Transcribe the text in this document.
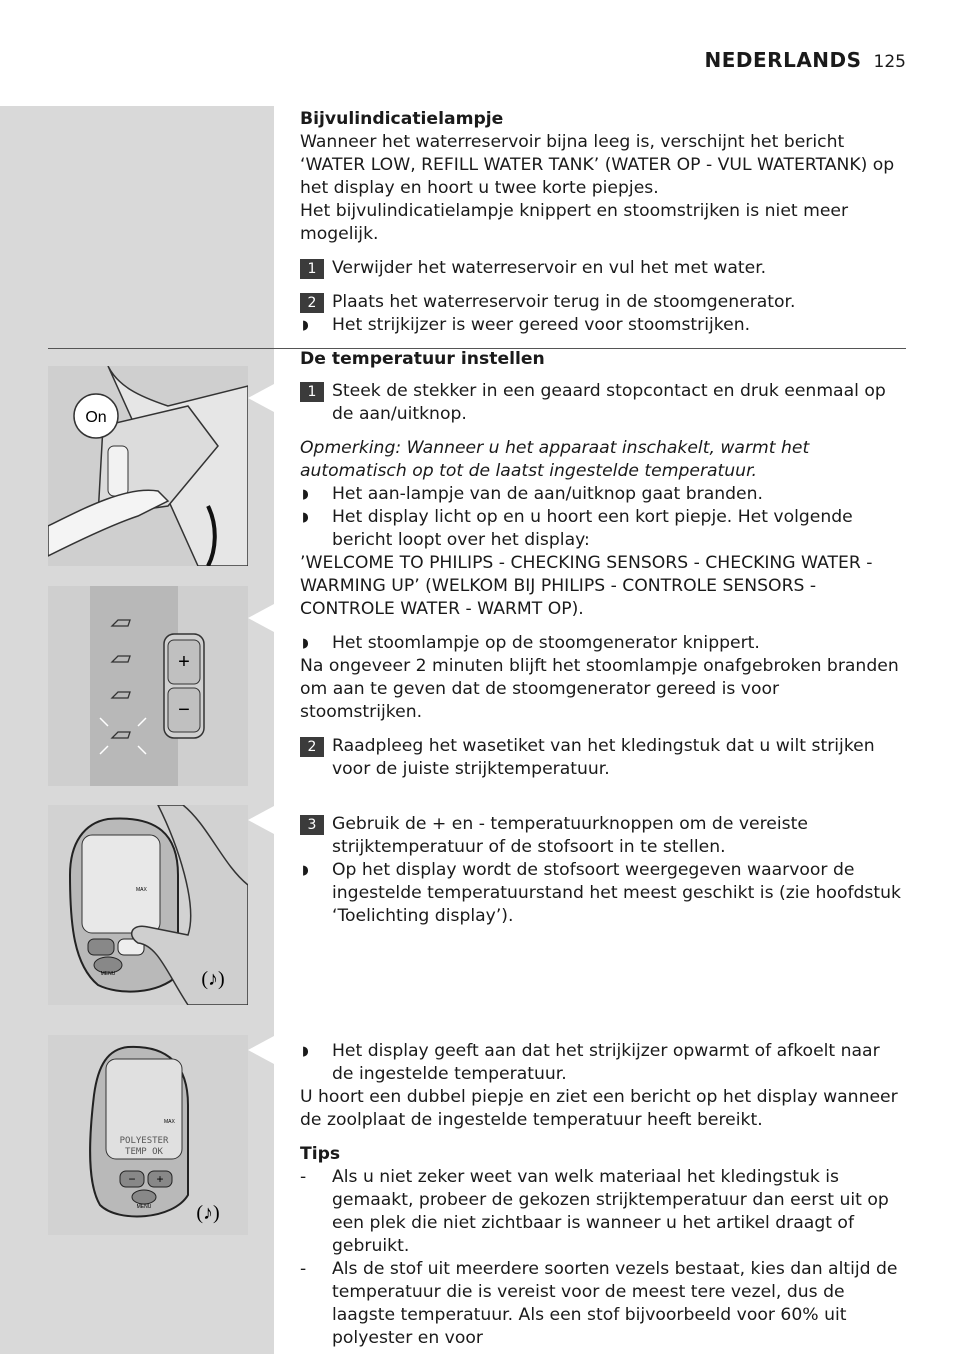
NEDERLANDS 125

Bijvulindicatielampje

Wanneer het waterreservoir bijna leeg is, verschijnt het bericht ‘WATER LOW, REFILL WATER TANK’ (WATER OP - VUL WATERTANK) op het display en hoort u twee korte piepjes.

Het bijvulindicatielampje knippert en stoomstrijken is niet meer mogelijk.

1 Verwijder het waterreservoir en vul het met water.

2 Plaats het waterreservoir terug in de stoomgenerator.

◗ Het strijkijzer is weer gereed voor stoomstrijken.

De temperatuur instellen

1 Steek de stekker in een geaard stopcontact en druk eenmaal op de aan/uitknop.

Opmerking: Wanneer u het apparaat inschakelt, warmt het automatisch op tot de laatst ingestelde temperatuur.

◗ Het aan-lampje van de aan/uitknop gaat branden.

◗ Het display licht op en u hoort een kort piepje. Het volgende bericht loopt over het display:

’WELCOME TO PHILIPS - CHECKING SENSORS - CHECKING WATER - WARMING UP’ (WELKOM BIJ PHILIPS - CONTROLE SENSORS - CONTROLE WATER - WARMT OP).

◗ Het stoomlampje op de stoomgenerator knippert.

Na ongeveer 2 minuten blijft het stoomlampje onafgebroken branden om aan te geven dat de stoomgenerator gereed is voor stoomstrijken.

2 Raadpleeg het wasetiket van het kledingstuk dat u wilt strijken voor de juiste strijktemperatuur.

3 Gebruik de + en - temperatuurknoppen om de vereiste strijktemperatuur of de stofsoort in te stellen.

◗ Op het display wordt de stofsoort weergegeven waarvoor de ingestelde temperatuurstand het meest geschikt is (zie hoofdstuk ‘Toelichting display’).

◗ Het display geeft aan dat het strijkijzer opwarmt of afkoelt naar de ingestelde temperatuur.

U hoort een dubbel piepje en ziet een bericht op het display wanneer de zoolplaat de ingestelde temperatuur heeft bereikt.

Tips

- Als u niet zeker weet van welk materiaal het kledingstuk is gemaakt, probeer de gekozen strijktemperatuur dan eerst uit op een plek die niet zichtbaar is wanneer u het artikel draagt of gebruikt.

- Als de stof uit meerdere soorten vezels bestaat, kies dan altijd de temperatuur die is vereist voor de meest tere vezel, dus de laagste temperatuur. Als een stof bijvoorbeeld voor 60% uit polyester en voor

On
+
−
MAX
MENU	(♪)
MAX
POLYESTER
TEMP OK
− +
MENU (♪)
